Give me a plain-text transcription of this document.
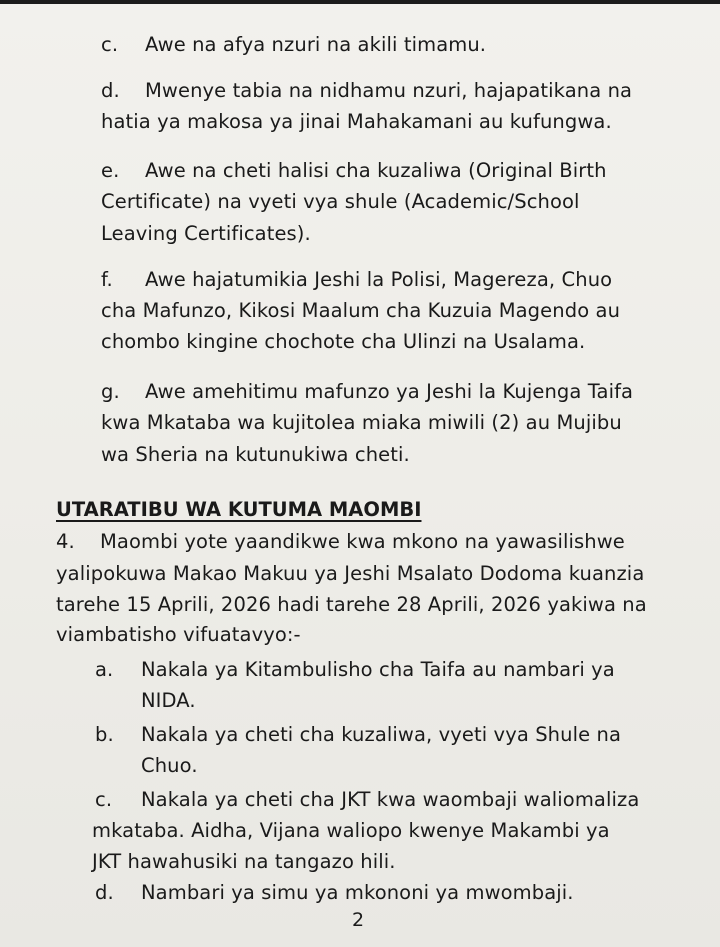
c. Awe na afya nzuri na akili timamu.
d. Mwenye tabia na nidhamu nzuri, hajapatikana na
hatia ya makosa ya jinai Mahakamani au kufungwa.
e. Awe na cheti halisi cha kuzaliwa (Original Birth
Certificate) na vyeti vya shule (Academic/School
Leaving Certificates).
f. Awe hajatumikia Jeshi la Polisi, Magereza, Chuo
cha Mafunzo, Kikosi Maalum cha Kuzuia Magendo au
chombo kingine chochote cha Ulinzi na Usalama.
g. Awe amehitimu mafunzo ya Jeshi la Kujenga Taifa
kwa Mkataba wa kujitolea miaka miwili (2) au Mujibu
wa Sheria na kutunukiwa cheti.
UTARATIBU WA KUTUMA MAOMBI
4. Maombi yote yaandikwe kwa mkono na yawasilishwe
yalipokuwa Makao Makuu ya Jeshi Msalato Dodoma kuanzia
tarehe 15 Aprili, 2026 hadi tarehe 28 Aprili, 2026 yakiwa na
viambatisho vifuatavyo:-
a. Nakala ya Kitambulisho cha Taifa au nambari ya
NIDA.
b. Nakala ya cheti cha kuzaliwa, vyeti vya Shule na
Chuo.
c. Nakala ya cheti cha JKT kwa waombaji waliomaliza
mkataba. Aidha, Vijana waliopo kwenye Makambi ya
JKT hawahusiki na tangazo hili.
d. Nambari ya simu ya mkononi ya mwombaji.
2
